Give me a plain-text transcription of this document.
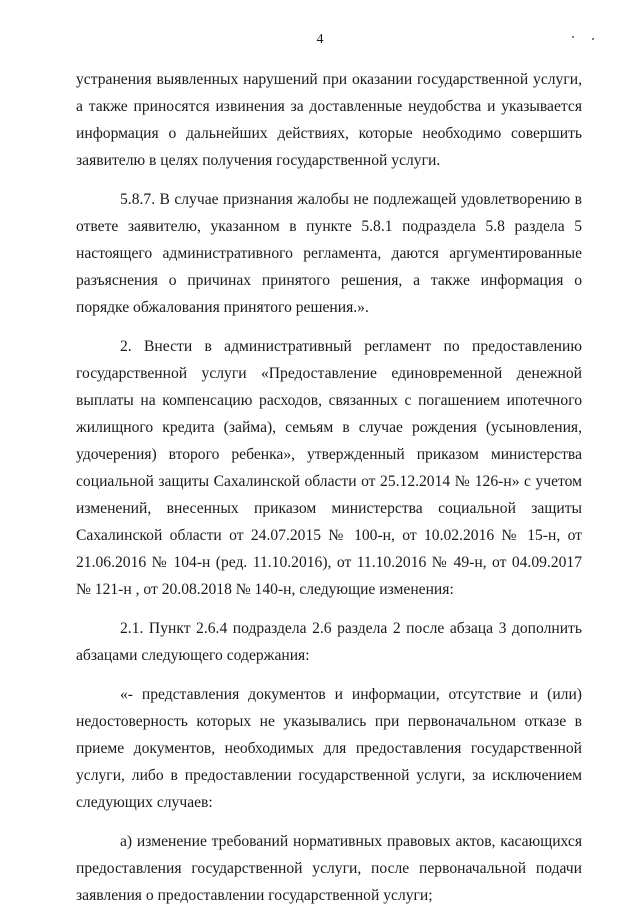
4

устранения выявленных нарушений при оказании государственной услуги, а также приносятся извинения за доставленные неудобства и указывается информация о дальнейших действиях, которые необходимо совершить заявителю в целях получения государственной услуги.

5.8.7. В случае признания жалобы не подлежащей удовлетворению в ответе заявителю, указанном в пункте 5.8.1 подраздела 5.8 раздела 5 настоящего административного регламента, даются аргументированные разъяснения о причинах принятого решения, а также информация о порядке обжалования принятого решения.».

2. Внести в административный регламент по предоставлению государственной услуги «Предоставление единовременной денежной выплаты на компенсацию расходов, связанных с погашением ипотечного жилищного кредита (займа), семьям в случае рождения (усыновления, удочерения) второго ребенка», утвержденный приказом министерства социальной защиты Сахалинской области от 25.12.2014 № 126-н» с учетом изменений, внесенных приказом министерства социальной защиты Сахалинской области от 24.07.2015 № 100-н, от 10.02.2016 № 15-н, от 21.06.2016 № 104-н (ред. 11.10.2016), от 11.10.2016 № 49-н, от 04.09.2017 № 121-н , от 20.08.2018 № 140-н, следующие изменения:

2.1. Пункт 2.6.4 подраздела 2.6 раздела 2 после абзаца 3 дополнить абзацами следующего содержания:

«- представления документов и информации, отсутствие и (или) недостоверность которых не указывались при первоначальном отказе в приеме документов, необходимых для предоставления государственной услуги, либо в предоставлении государственной услуги, за исключением следующих случаев:

а) изменение требований нормативных правовых актов, касающихся предоставления государственной услуги, после первоначальной подачи заявления о предоставлении государственной услуги;
